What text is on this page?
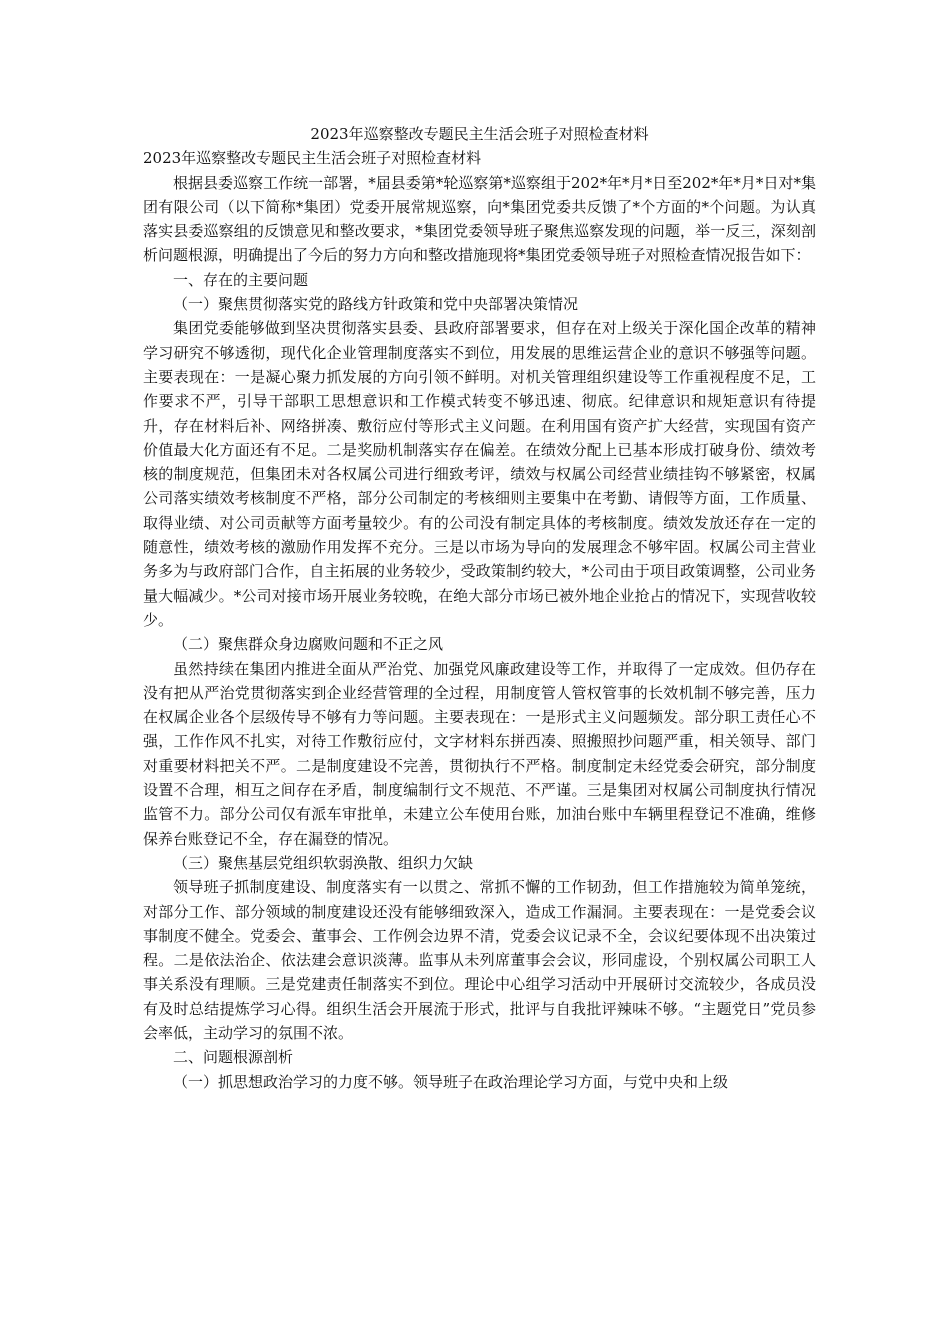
2023年巡察整改专题民主生活会班子对照检查材料

2023年巡察整改专题民主生活会班子对照检查材料

根据县委巡察工作统一部署，*届县委第*轮巡察第*巡察组于202*年*月*日至202*年*月*日对*集团有限公司（以下简称*集团）党委开展常规巡察，向*集团党委共反馈了*个方面的*个问题。为认真落实县委巡察组的反馈意见和整改要求，*集团党委领导班子聚焦巡察发现的问题，举一反三，深刻剖析问题根源，明确提出了今后的努力方向和整改措施现将*集团党委领导班子对照检查情况报告如下：

一、存在的主要问题

（一）聚焦贯彻落实党的路线方针政策和党中央部署决策情况

集团党委能够做到坚决贯彻落实县委、县政府部署要求，但存在对上级关于深化国企改革的精神学习研究不够透彻，现代化企业管理制度落实不到位，用发展的思维运营企业的意识不够强等问题。主要表现在：一是凝心聚力抓发展的方向引领不鲜明。对机关管理组织建设等工作重视程度不足，工作要求不严，引导干部职工思想意识和工作模式转变不够迅速、彻底。纪律意识和规矩意识有待提升，存在材料后补、网络拼凑、敷衍应付等形式主义问题。在利用国有资产扩大经营，实现国有资产价值最大化方面还有不足。二是奖励机制落实存在偏差。在绩效分配上已基本形成打破身份、绩效考核的制度规范，但集团未对各权属公司进行细致考评，绩效与权属公司经营业绩挂钩不够紧密，权属公司落实绩效考核制度不严格，部分公司制定的考核细则主要集中在考勤、请假等方面，工作质量、取得业绩、对公司贡献等方面考量较少。有的公司没有制定具体的考核制度。绩效发放还存在一定的随意性，绩效考核的激励作用发挥不充分。三是以市场为导向的发展理念不够牢固。权属公司主营业务多为与政府部门合作，自主拓展的业务较少，受政策制约较大，*公司由于项目政策调整，公司业务量大幅减少。*公司对接市场开展业务较晚，在绝大部分市场已被外地企业抢占的情况下，实现营收较少。

（二）聚焦群众身边腐败问题和不正之风

虽然持续在集团内推进全面从严治党、加强党风廉政建设等工作，并取得了一定成效。但仍存在没有把从严治党贯彻落实到企业经营管理的全过程，用制度管人管权管事的长效机制不够完善，压力在权属企业各个层级传导不够有力等问题。主要表现在：一是形式主义问题频发。部分职工责任心不强，工作作风不扎实，对待工作敷衍应付，文字材料东拼西凑、照搬照抄问题严重，相关领导、部门对重要材料把关不严。二是制度建设不完善，贯彻执行不严格。制度制定未经党委会研究，部分制度设置不合理，相互之间存在矛盾，制度编制行文不规范、不严谨。三是集团对权属公司制度执行情况监管不力。部分公司仅有派车审批单，未建立公车使用台账，加油台账中车辆里程登记不准确，维修保养台账登记不全，存在漏登的情况。

（三）聚焦基层党组织软弱涣散、组织力欠缺

领导班子抓制度建设、制度落实有一以贯之、常抓不懈的工作韧劲，但工作措施较为简单笼统，对部分工作、部分领域的制度建设还没有能够细致深入，造成工作漏洞。主要表现在：一是党委会议事制度不健全。党委会、董事会、工作例会边界不清，党委会议记录不全，会议纪要体现不出决策过程。二是依法治企、依法建会意识淡薄。监事从未列席董事会会议，形同虚设，个别权属公司职工人事关系没有理顺。三是党建责任制落实不到位。理论中心组学习活动中开展研讨交流较少，各成员没有及时总结提炼学习心得。组织生活会开展流于形式，批评与自我批评辣味不够。“主题党日”党员参会率低，主动学习的氛围不浓。

二、问题根源剖析

（一）抓思想政治学习的力度不够。领导班子在政治理论学习方面，与党中央和上级
